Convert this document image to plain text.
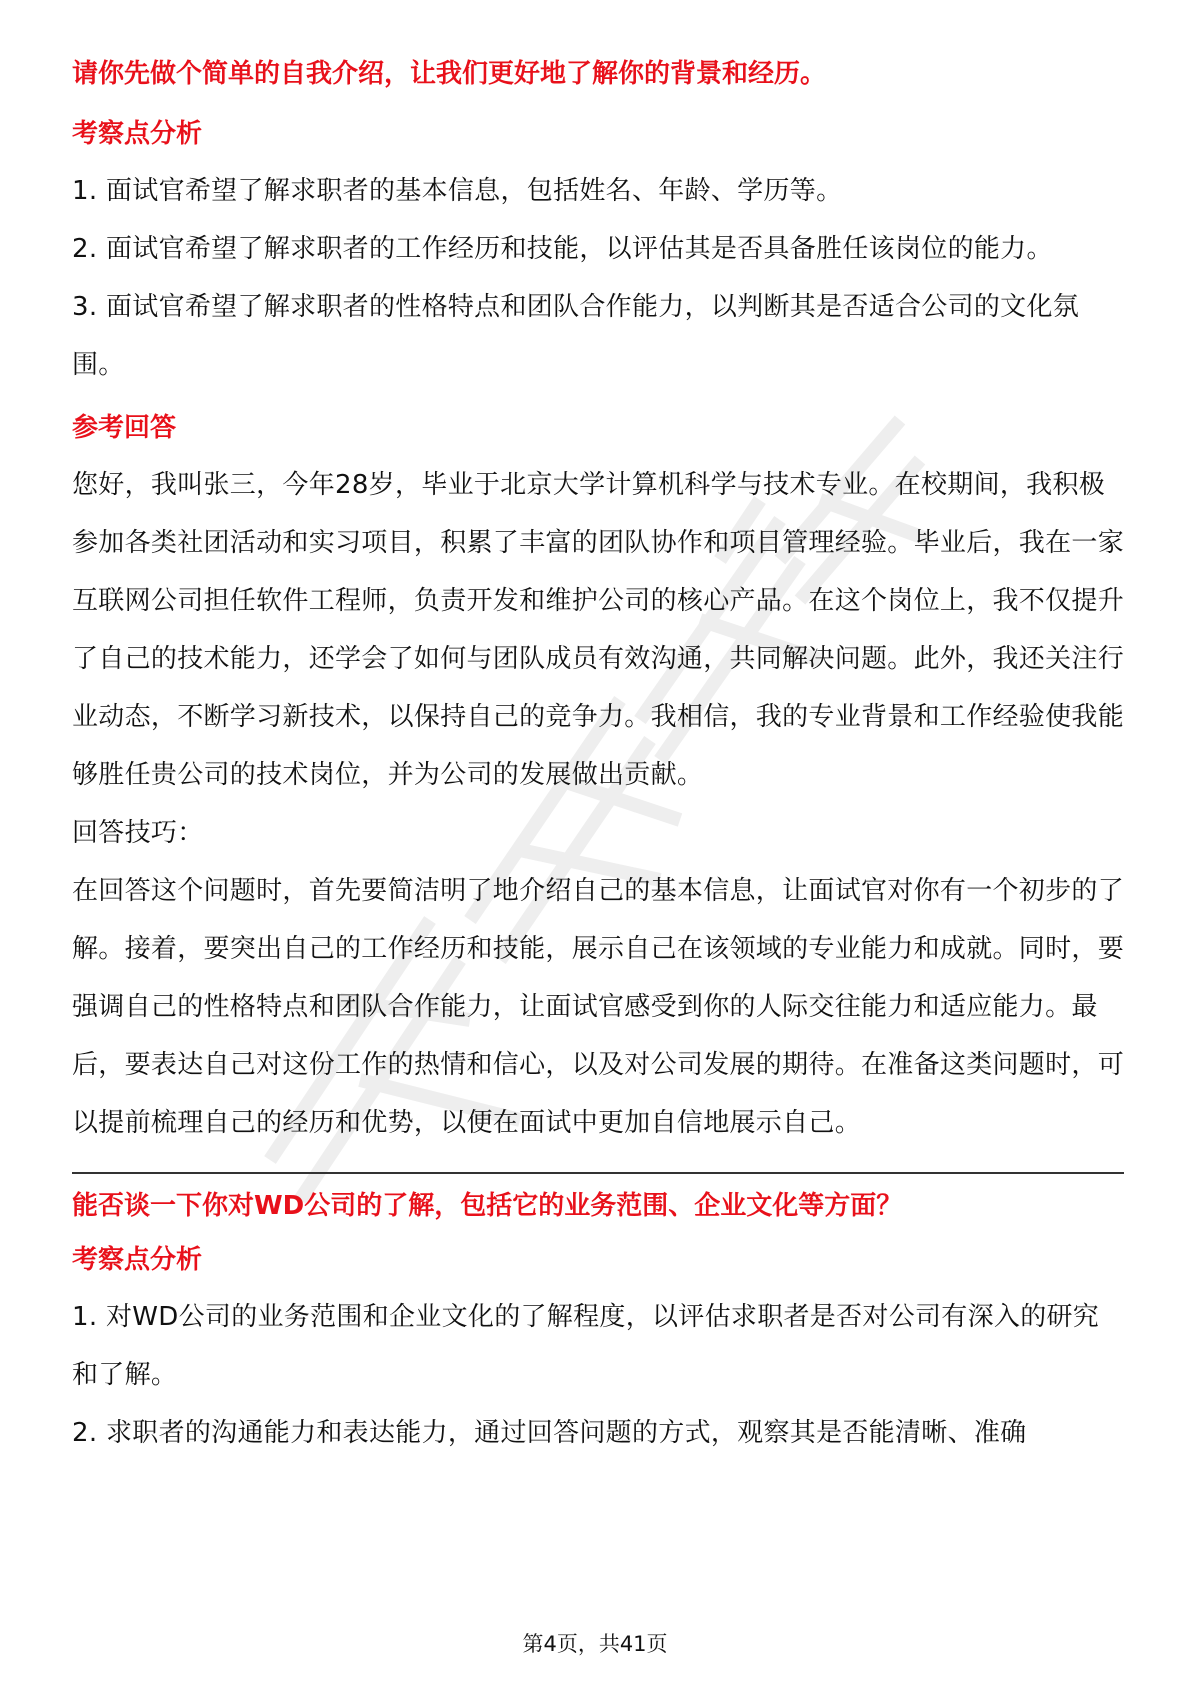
请你先做个简单的自我介绍，让我们更好地了解你的背景和经历。

考察点分析

1. 面试官希望了解求职者的基本信息，包括姓名、年龄、学历等。

2. 面试官希望了解求职者的工作经历和技能，以评估其是否具备胜任该岗位的能力。

3. 面试官希望了解求职者的性格特点和团队合作能力，以判断其是否适合公司的文化氛围。

参考回答

您好，我叫张三，今年28岁，毕业于北京大学计算机科学与技术专业。在校期间，我积极参加各类社团活动和实习项目，积累了丰富的团队协作和项目管理经验。毕业后，我在一家互联网公司担任软件工程师，负责开发和维护公司的核心产品。在这个岗位上，我不仅提升了自己的技术能力，还学会了如何与团队成员有效沟通，共同解决问题。此外，我还关注行业动态，不断学习新技术，以保持自己的竞争力。我相信，我的专业背景和工作经验使我能够胜任贵公司的技术岗位，并为公司的发展做出贡献。

回答技巧：

在回答这个问题时，首先要简洁明了地介绍自己的基本信息，让面试官对你有一个初步的了解。接着，要突出自己的工作经历和技能，展示自己在该领域的专业能力和成就。同时，要强调自己的性格特点和团队合作能力，让面试官感受到你的人际交往能力和适应能力。最后，要表达自己对这份工作的热情和信心，以及对公司发展的期待。在准备这类问题时，可以提前梳理自己的经历和优势，以便在面试中更加自信地展示自己。

能否谈一下你对WD公司的了解，包括它的业务范围、企业文化等方面？

考察点分析

1. 对WD公司的业务范围和企业文化的了解程度，以评估求职者是否对公司有深入的研究和了解。

2. 求职者的沟通能力和表达能力，通过回答问题的方式，观察其是否能清晰、准确

第4页，共41页
